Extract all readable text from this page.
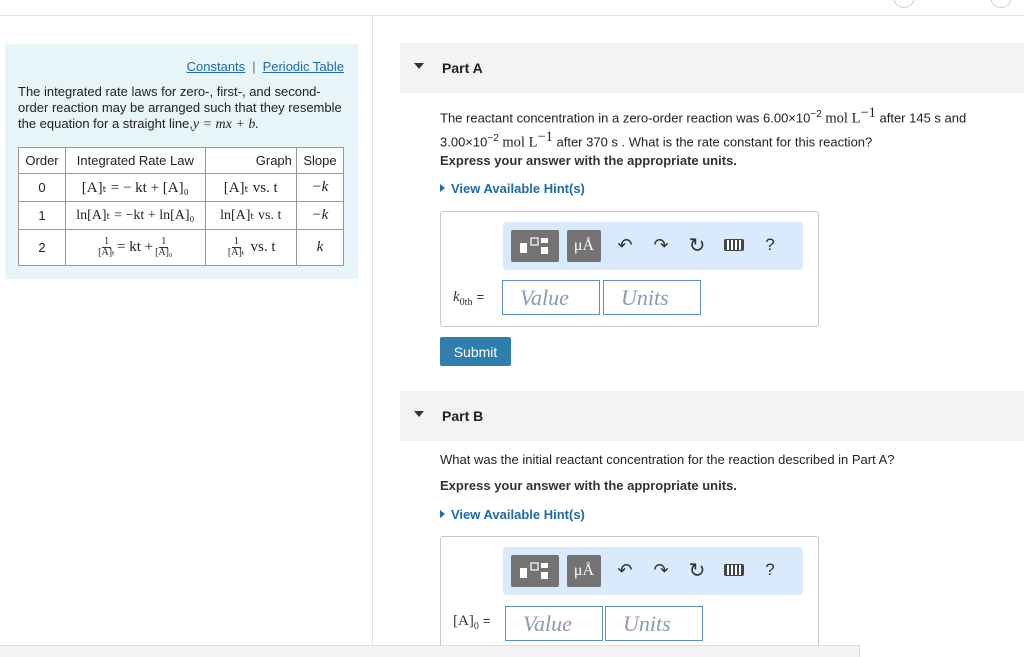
Constants | Periodic Table
The integrated rate laws for zero-, first-, and second-order reaction may be arranged such that they resemble the equation for a straight line,y = mx + b.
Order	Integrated Rate Law	Graph	Slope
0	[A]ₜ = − kt + [A]₀	[A]ₜ vs. t	−k
1	ln[A]ₜ = −kt + ln[A]₀	ln[A]ₜ vs. t	−k
2	$\frac{1}{\text{[A]ₜ}}$ = kt + $\frac{1}{\text{[A]₀}}$	$\frac{1}{\text{[A]ₜ}}$ vs. t	k
Part A
The reactant concentration in a zero-order reaction was $6.00\times 10^{-2}$ mol $L^{-1}$ after 145 s and
$3.00\times 10^{-2}$ mol $L^{-1}$ after 370 s . What is the rate constant for this reaction?
Express your answer with the appropriate units.
View Available Hint(s)
μÅ	↶ ↷ ↻	?
$k_{0th}$ =	Value	Units
Submit
Part B
What was the initial reactant concentration for the reaction described in Part A?
Express your answer with the appropriate units.
View Available Hint(s)
μÅ	↶ ↷ ↻	?
$[A]_0$ =	Value	Units
